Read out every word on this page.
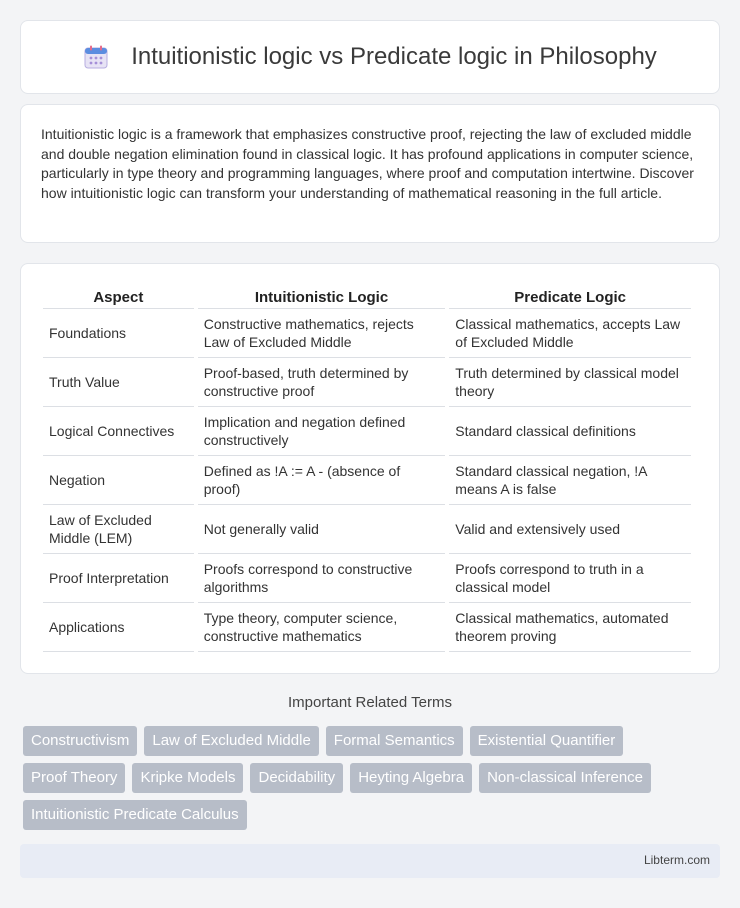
Intuitionistic logic vs Predicate logic in Philosophy

Intuitionistic logic is a framework that emphasizes constructive proof, rejecting the law of excluded middle and double negation elimination found in classical logic. It has profound applications in computer science, particularly in type theory and programming languages, where proof and computation intertwine. Discover how intuitionistic logic can transform your understanding of mathematical reasoning in the full article.

Aspect	Intuitionistic Logic	Predicate Logic
Foundations	Constructive mathematics, rejects Law of Excluded Middle	Classical mathematics, accepts Law of Excluded Middle
Truth Value	Proof-based, truth determined by constructive proof	Truth determined by classical model theory
Logical Connectives	Implication and negation defined constructively	Standard classical definitions
Negation	Defined as !A := A - (absence of proof)	Standard classical negation, !A means A is false
Law of Excluded Middle (LEM)	Not generally valid	Valid and extensively used
Proof Interpretation	Proofs correspond to constructive algorithms	Proofs correspond to truth in a classical model
Applications	Type theory, computer science, constructive mathematics	Classical mathematics, automated theorem proving
Important Related Terms
Constructivism	Law of Excluded Middle	Formal Semantics	Existential Quantifier
Proof Theory	Kripke Models	Decidability	Heyting Algebra	Non-classical Inference
Intuitionistic Predicate Calculus
Libterm.com
